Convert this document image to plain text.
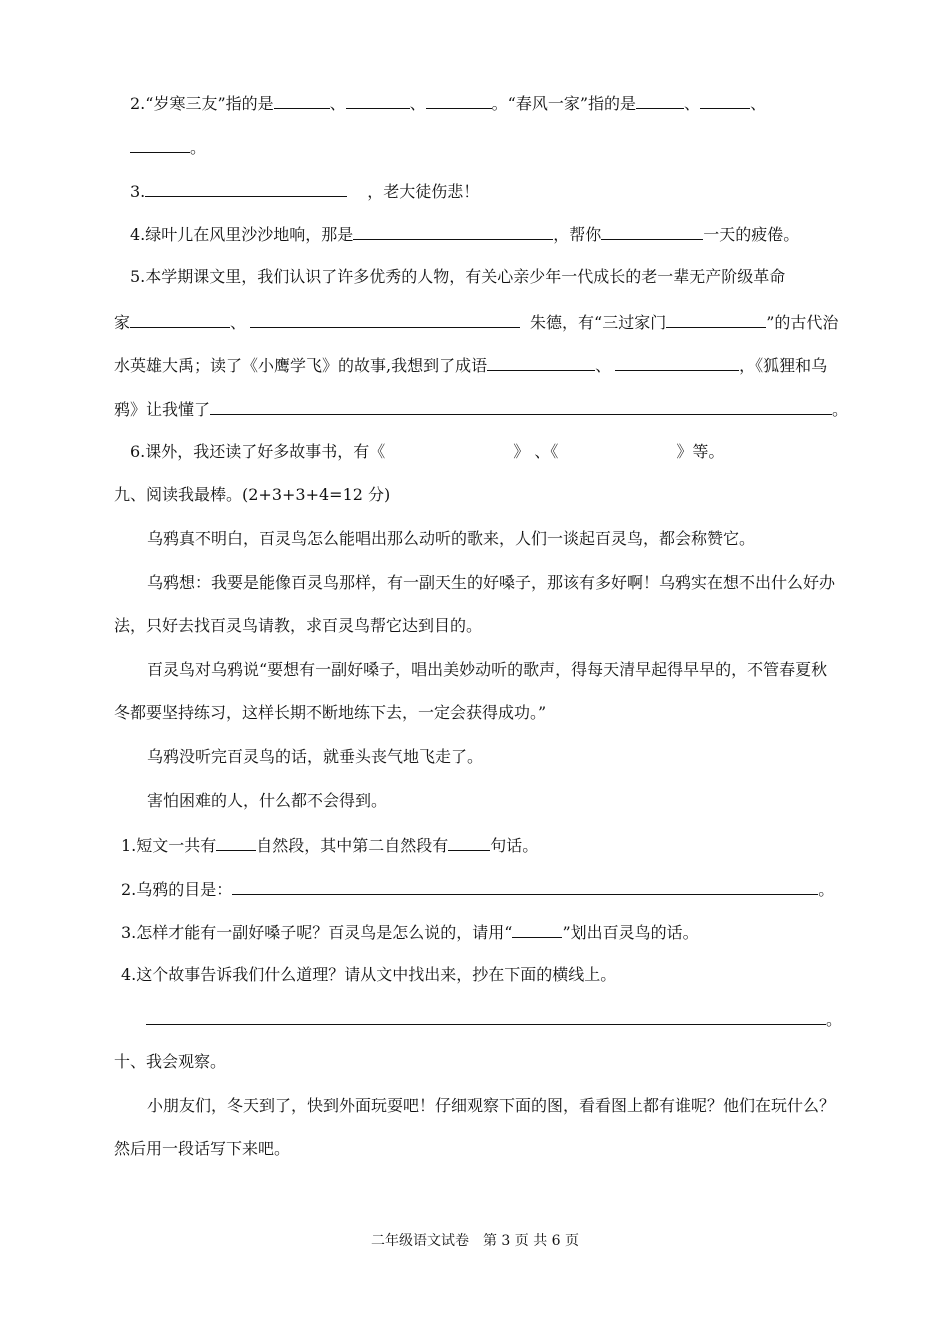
2.“岁寒三友”指的是	、	、	。“春风一家”指的是	、	、
。
3.	，老大徒伤悲！
4.绿叶儿在风里沙沙地响，那是	，帮你	一天的疲倦。
5.本学期课文里，我们认识了许多优秀的人物，有关心亲少年一代成长的老一辈无产阶级革命
家	、	朱德，有“三过家门	”的古代治
水英雄大禹；读了《小鹰学飞》的故事,我想到了成语	、	，《狐狸和乌
鸦》让我懂了	。
6.课外，我还读了好多故事书，有《	》 、《	》等。
九、阅读我最棒。(2+3+3+4=12 分)
乌鸦真不明白，百灵鸟怎么能唱出那么动听的歌来，人们一谈起百灵鸟，都会称赞它。
乌鸦想：我要是能像百灵鸟那样，有一副天生的好嗓子，那该有多好啊！乌鸦实在想不出什么好办
法，只好去找百灵鸟请教，求百灵鸟帮它达到目的。
百灵鸟对乌鸦说“要想有一副好嗓子，唱出美妙动听的歌声，得每天清早起得早早的，不管春夏秋
冬都要坚持练习，这样长期不断地练下去，一定会获得成功。”
乌鸦没听完百灵鸟的话，就垂头丧气地飞走了。
害怕困难的人，什么都不会得到。
1.短文一共有	自然段，其中第二自然段有	句话。
2.乌鸦的目是：	。
3.怎样才能有一副好嗓子呢？百灵鸟是怎么说的，请用“	”划出百灵鸟的话。
4.这个故事告诉我们什么道理？请从文中找出来，抄在下面的横线上。
。
十、我会观察。
小朋友们，冬天到了，快到外面玩耍吧！仔细观察下面的图，看看图上都有谁呢？他们在玩什么？
然后用一段话写下来吧。
二年级语文试卷　第 3 页 共 6 页
